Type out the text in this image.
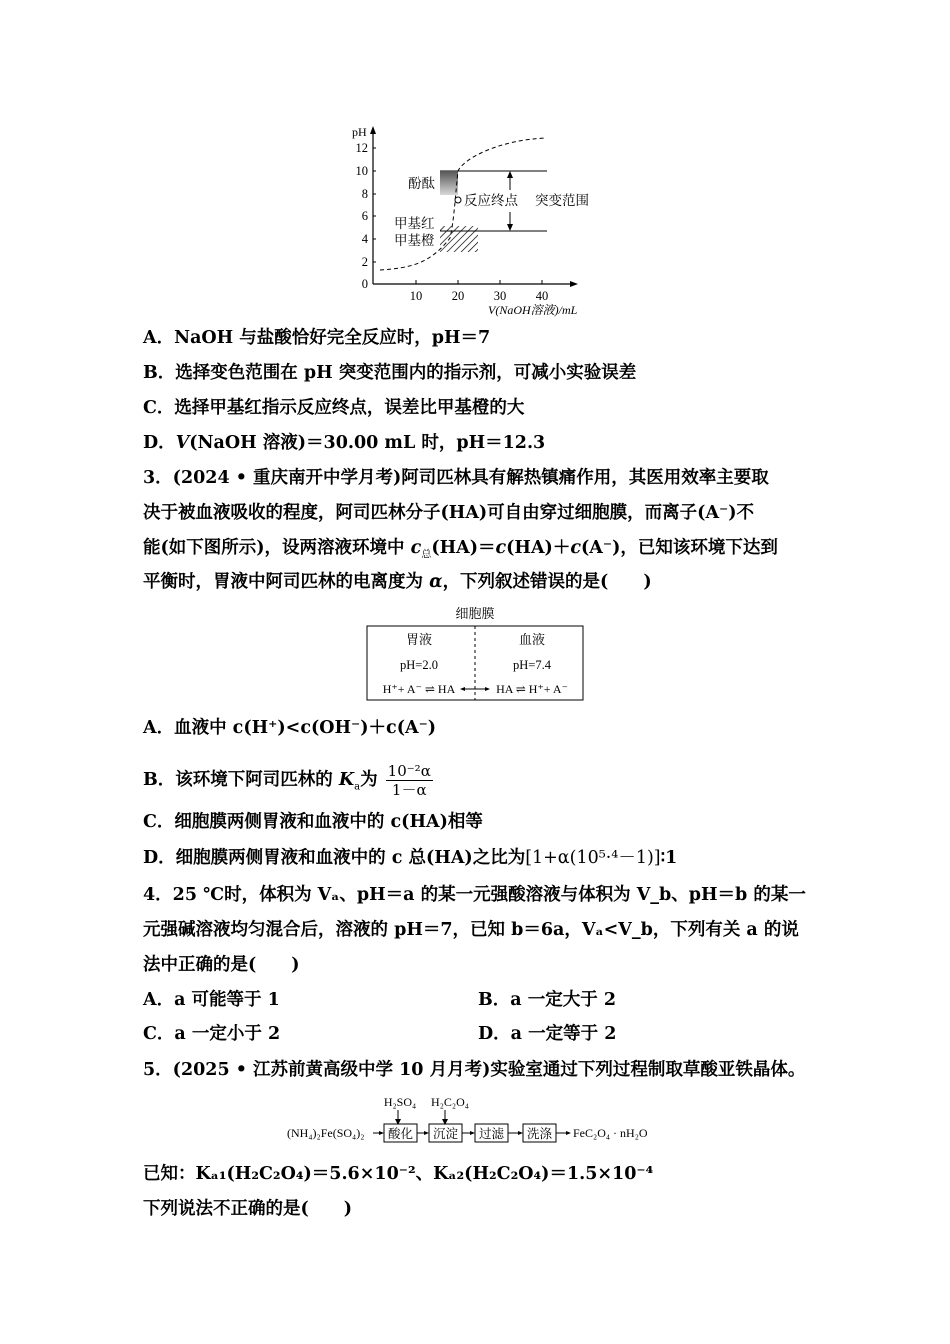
pH
0
2
4
6
8
10
12
10 20 30 40
V(NaOH溶液)/mL
反应终点 突变范围
酚酞
甲基红
甲基橙
A．NaOH 与盐酸恰好完全反应时，pH＝7
B．选择变色范围在 pH 突变范围内的指示剂，可减小实验误差
C．选择甲基红指示反应终点，误差比甲基橙的大
D．V(NaOH 溶液)＝30.00 mL 时，pH＝12.3
3．(2024 • 重庆南开中学月考)阿司匹林具有解热镇痛作用，其医用效率主要取
决于被血液吸收的程度，阿司匹林分子(HA)可自由穿过细胞膜，而离子(A⁻)不
能(如下图所示)，设两溶液环境中 $c_总(HA)=c(HA)+c(A^-)$，已知该环境下达到
平衡时，胃液中阿司匹林的电离度为 α，下列叙述错误的是(　　)
细胞膜
胃液
pH=2.0
H⁺+ A⁻ ⇌ HA
血液
pH=7.4
HA ⇌ H⁺+ A⁻
A．血液中 c(H⁺)<c(OH⁻)＋c(A⁻)
B．该环境下阿司匹林的 $K_a$为 $\frac{\text{10⁻²α}}{1-\alpha}$
C．细胞膜两侧胃液和血液中的 c(HA)相等
D．细胞膜两侧胃液和血液中的 c 总(HA)之比为[1+α(10⁵·⁴－1)]∶1
4．25 ℃时，体积为 Vₐ、pH＝a 的某一元强酸溶液与体积为 V_b、pH＝b 的某一
元强碱溶液均匀混合后，溶液的 pH＝7，已知 b＝6a，Vₐ<V_b，下列有关 a 的说
法中正确的是(　　)
A．a 可能等于 1	B．a 一定大于 2
C．a 一定小于 2	D．a 一定等于 2
5．(2025 • 江苏前黄高级中学 10 月月考)实验室通过下列过程制取草酸亚铁晶体。
H₂SO₄ H₂C₂O₄
(NH₄)₂Fe(SO₄)₂ 酸化 沉淀 过滤 洗涤 FeC₂O₄ · nH₂O
已知：Kₐ₁(H₂C₂O₄)＝5.6×10⁻²、Kₐ₂(H₂C₂O₄)＝1.5×10⁻⁴
下列说法不正确的是(　　)
